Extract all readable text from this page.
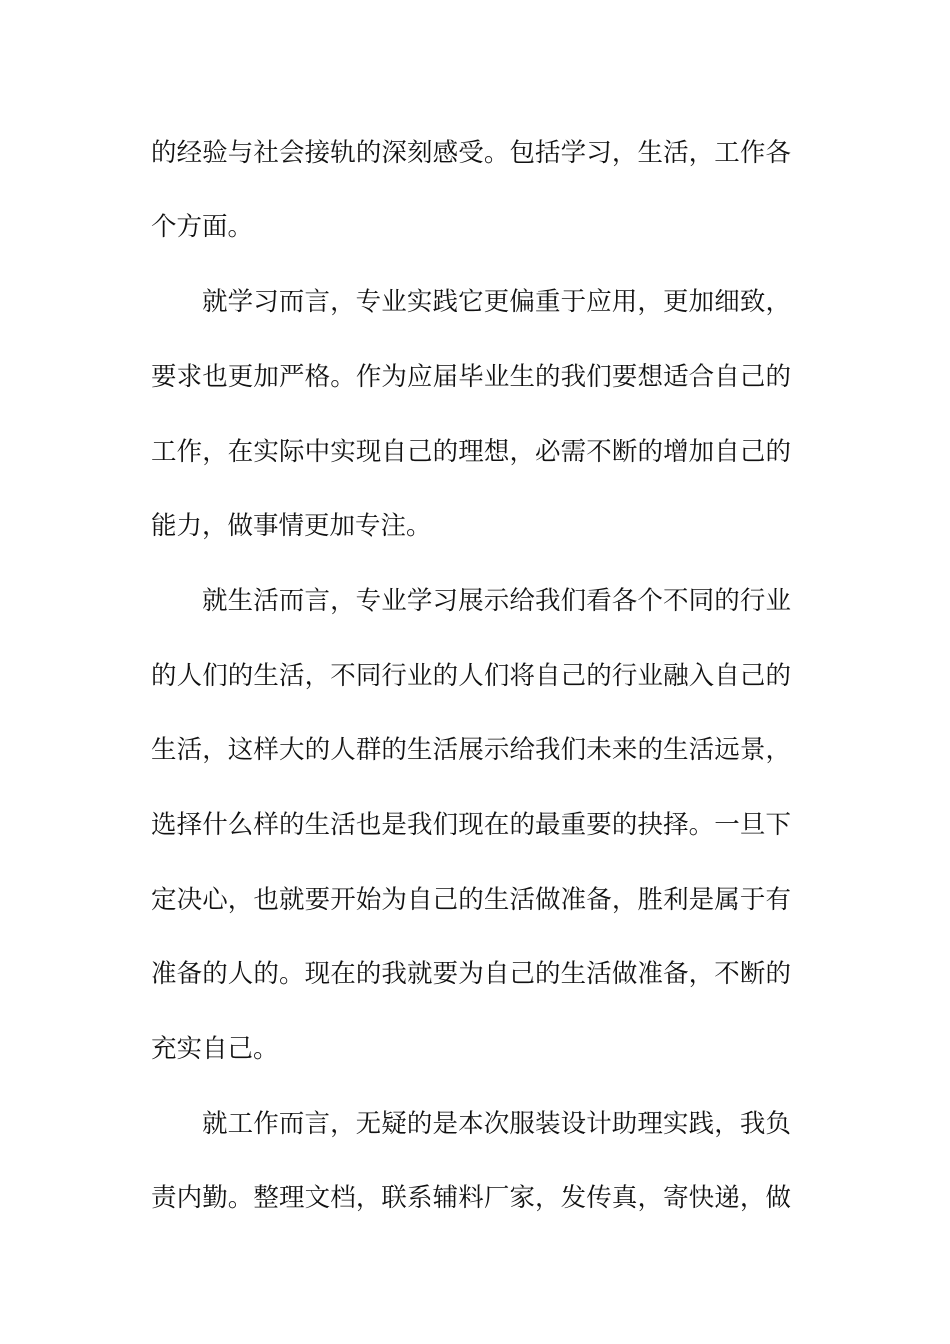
的经验与社会接轨的深刻感受。包括学习，生活，工作各
个方面。
就学习而言，专业实践它更偏重于应用，更加细致，
要求也更加严格。作为应届毕业生的我们要想适合自己的
工作，在实际中实现自己的理想，必需不断的增加自己的
能力，做事情更加专注。
就生活而言，专业学习展示给我们看各个不同的行业
的人们的生活，不同行业的人们将自己的行业融入自己的
生活，这样大的人群的生活展示给我们未来的生活远景，
选择什么样的生活也是我们现在的最重要的抉择。一旦下
定决心，也就要开始为自己的生活做准备，胜利是属于有
准备的人的。现在的我就要为自己的生活做准备，不断的
充实自己。
就工作而言，无疑的是本次服装设计助理实践，我负
责内勤。整理文档，联系辅料厂家，发传真，寄快递，做
